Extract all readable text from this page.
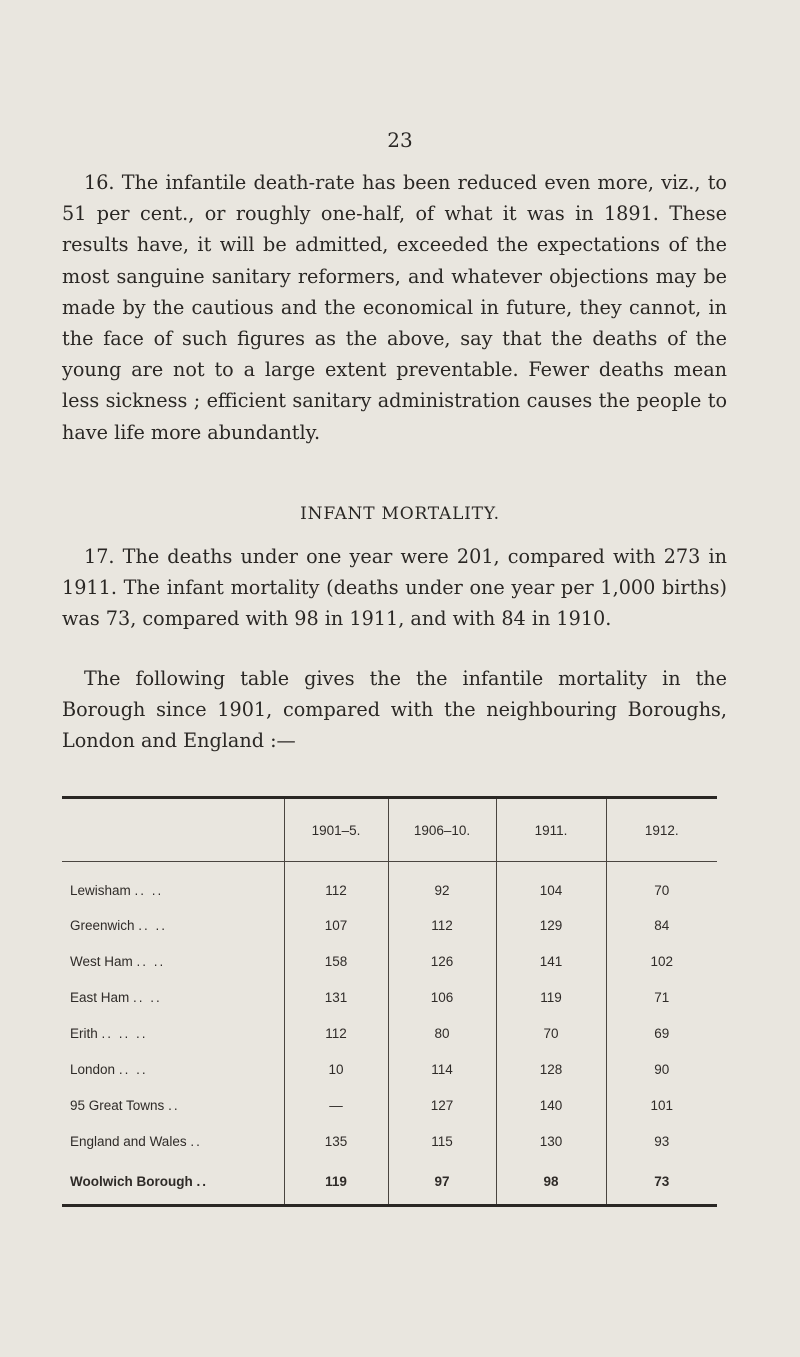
23

16. The infantile death-rate has been reduced even more, viz., to 51 per cent., or roughly one-half, of what it was in 1891. These results have, it will be admitted, exceeded the expectations of the most sanguine sanitary reformers, and whatever objections may be made by the cautious and the economical in future, they cannot, in the face of such figures as the above, say that the deaths of the young are not to a large extent preventable. Fewer deaths mean less sickness ; efficient sanitary administration causes the people to have life more abundantly.

INFANT MORTALITY.

17. The deaths under one year were 201, compared with 273 in 1911. The infant mortality (deaths under one year per 1,000 births) was 73, compared with 98 in 1911, and with 84 in 1910.

The following table gives the the infantile mortality in the Borough since 1901, compared with the neighbouring Boroughs, London and England :—

	1901–5.	1906–10.	1911.	1912.
Lewisham .. ..	112	92	104	70
Greenwich .. ..	107	112	129	84
West Ham .. ..	158	126	141	102
East Ham .. ..	131	106	119	71
Erith .. .. ..	112	80	70	69
London .. ..	10	114	128	90
95 Great Towns ..	—	127	140	101
England and Wales ..	135	115	130	93
Woolwich Borough ..	119	97	98	73
